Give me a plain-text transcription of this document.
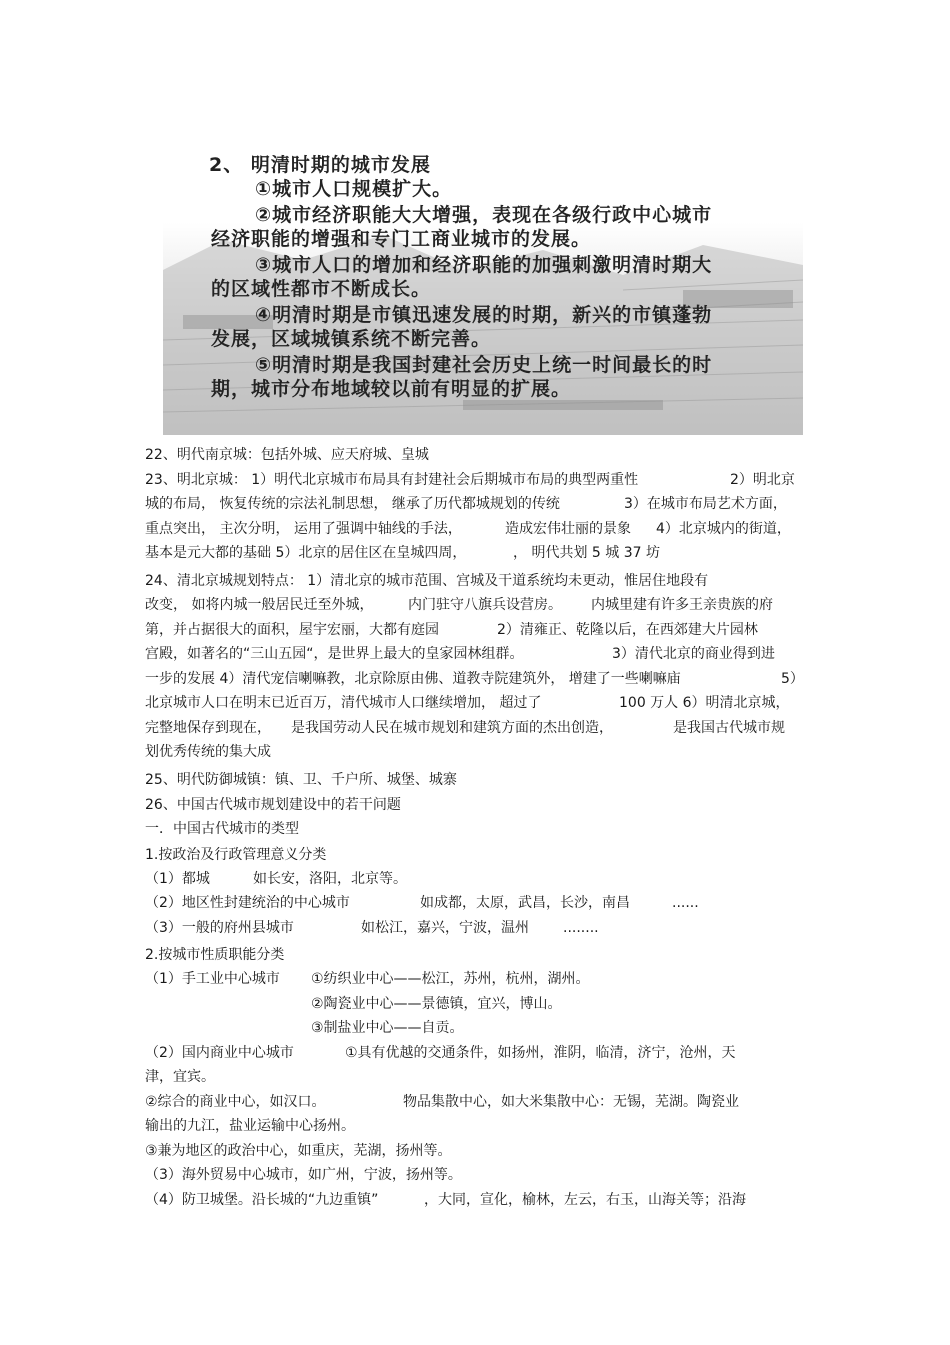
2、 明清时期的城市发展
①城市人口规模扩大。
②城市经济职能大大增强，表现在各级行政中心城市
经济职能的增强和专门工商业城市的发展。
③城市人口的增加和经济职能的加强刺激明清时期大
的区域性都市不断成长。
④明清时期是市镇迅速发展的时期，新兴的市镇蓬勃
发展，区域城镇系统不断完善。
⑤明清时期是我国封建社会历史上统一时间最长的时
期，城市分布地域较以前有明显的扩展。
22、明代南京城：包括外城、应天府城、皇城
23、明北京城： 1）明代北京城市布局具有封建社会后期城市布局的典型两重性	2）明北京
城的布局， 恢复传统的宗法礼制思想， 继承了历代都城规划的传统	3）在城市布局艺术方面，
重点突出， 主次分明， 运用了强调中轴线的手法，	造成宏伟壮丽的景象 4）北京城内的街道，
基本是元大都的基础 5）北京的居住区在皇城四周，	， 明代共划 5 城 37 坊
24、清北京城规划特点： 1）清北京的城市范围、宫城及干道系统均未更动，惟居住地段有
改变， 如将内城一般居民迁至外城， 内门驻守八旗兵设营房。 内城里建有许多王亲贵族的府
第，并占据很大的面积，屋宇宏丽，大都有庭园	2）清雍正、乾隆以后，在西郊建大片园林
宫殿，如著名的“三山五园“，是世界上最大的皇家园林组群。	3）清代北京的商业得到进
一步的发展 4）清代宠信喇嘛教，北京除原由佛、道教寺院建筑外， 增建了一些喇嘛庙	5）
北京城市人口在明末已近百万，清代城市人口继续增加， 超过了	100 万人 6）明清北京城，
完整地保存到现在， 是我国劳动人民在城市规划和建筑方面的杰出创造，	是我国古代城市规
划优秀传统的集大成
25、明代防御城镇：镇、卫、千户所、城堡、城寨
26、中国古代城市规划建设中的若干问题
一．中国古代城市的类型
1.按政治及行政管理意义分类
（1）都城	如长安，洛阳，北京等。
（2）地区性封建统治的中心城市	如成都，太原，武昌，长沙，南昌	......
（3）一般的府州县城市	如松江，嘉兴，宁波，温州 ........
2.按城市性质职能分类
（1）手工业中心城市 ①纺织业中心——松江，苏州，杭州，湖州。
②陶瓷业中心——景德镇，宜兴，博山。
③制盐业中心——自贡。
（2）国内商业中心城市	①具有优越的交通条件，如扬州，淮阴，临清，济宁，沧州，天
津，宜宾。
②综合的商业中心，如汉口。	物品集散中心，如大米集散中心：无锡，芜湖。陶瓷业
输出的九江，盐业运输中心扬州。
③兼为地区的政治中心，如重庆，芜湖，扬州等。
（3）海外贸易中心城市，如广州，宁波，扬州等。
（4）防卫城堡。沿长城的“九边重镇”	，大同，宣化，榆林，左云，右玉，山海关等；沿海
